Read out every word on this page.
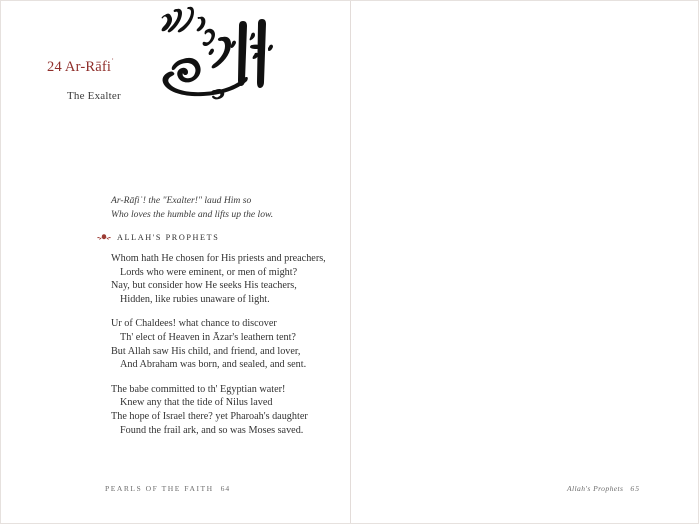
24 Ar-Rāfi$^ʿ$
The Exalter
Ar-Rāfiʿ! the "Exalter!" laud Him so
Who loves the humble and lifts up the low.
ALLAH'S PROPHETS
Whom hath He chosen for His priests and preachers,
Lords who were eminent, or men of might?
Nay, but consider how He seeks His teachers,
Hidden, like rubies unaware of light.
Ur of Chaldees! what chance to discover
Th' elect of Heaven in Āzar's leathern tent?
But Allah saw His child, and friend, and lover,
And Abraham was born, and sealed, and sent.
The babe committed to th' Egyptian water!
Knew any that the tide of Nilus laved
The hope of Israel there? yet Pharoah's daughter
Found the frail ark, and so was Moses saved.
PEARLS OF THE FAITH 64	Allah's Prophets 65
